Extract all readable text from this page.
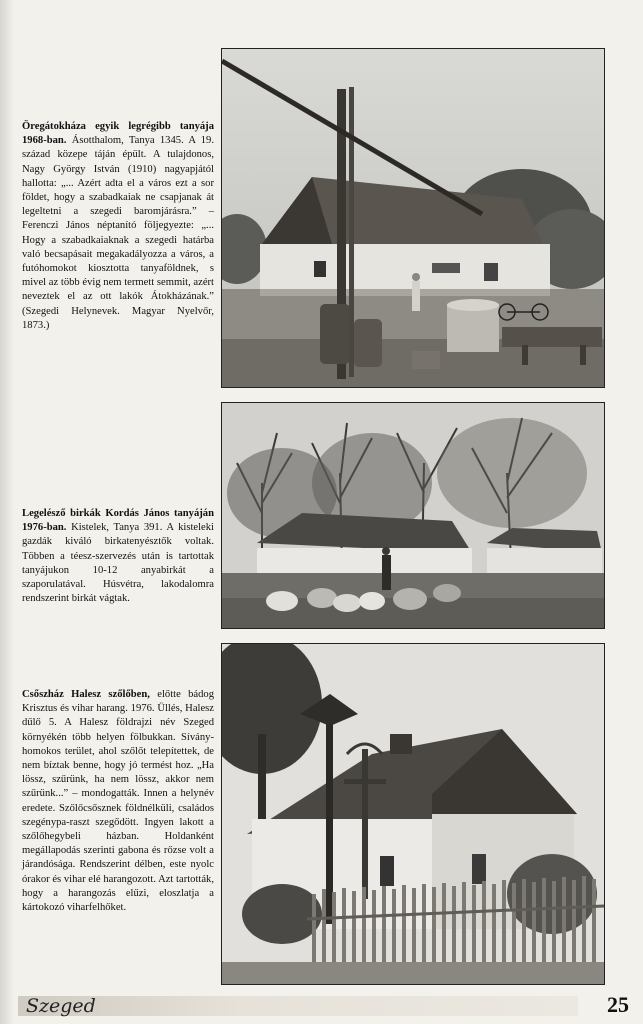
Öregátokháza egyik legrégibb tanyája 1968-ban. Ásotthalom, Tanya 1345. A 19. század közepe táján épült. A tulajdonos, Nagy György István (1910) nagyapjától hallotta: „... Azért adta el a város ezt a sor földet, hogy a szabadkaiak ne csapjanak át legeltetni a szegedi baromjárásra.” – Ferenczi János néptanító följegyezte: „... Hogy a szabadkaiaknak a szegedi határba való becsapásait megakadályozza a város, a futóhomokot kiosztotta tanyaföldnek, s mivel az több évig nem termett semmit, azért neveztek el az ott lakók Átokházának.” (Szegedi Helynevek. Magyar Nyelvőr, 1873.)

Legelésző birkák Kordás János tanyáján 1976-ban. Kistelek, Tanya 391. A kisteleki gazdák kiváló birkatenyésztők voltak. Többen a téesz-szervezés után is tartottak tanyájukon 10-12 anyabirkát a szaporulatával. Húsvétra, lakodalomra rendszerint birkát vágtak.

Csőszház Halesz szőlőben, előtte bádog Krisztus és vihar harang. 1976. Üllés, Halesz dűlő 5. A Halesz földrajzi név Szeged környékén több helyen fölbukkan. Sívány-homokos terület, ahol szőlőt telepítettek, de nem bíztak benne, hogy jó termést hoz. „Ha lössz, szűrünk, ha nem lössz, akkor nem szűrünk...” – mondogatták. Innen a helynév eredete. Szőlőcsősznek földnélküli, családos szegénypa-raszt szegődött. Ingyen lakott a szőlőhegybeli házban. Holdanként megállapodás szerinti gabona és rőzse volt a járandósága. Rendszerint délben, este nyolc órakor és vihar elé harangozott. Azt tartották, hogy a harangozás elűzi, eloszlatja a kártokozó viharfelhőket.

Szeged	25
